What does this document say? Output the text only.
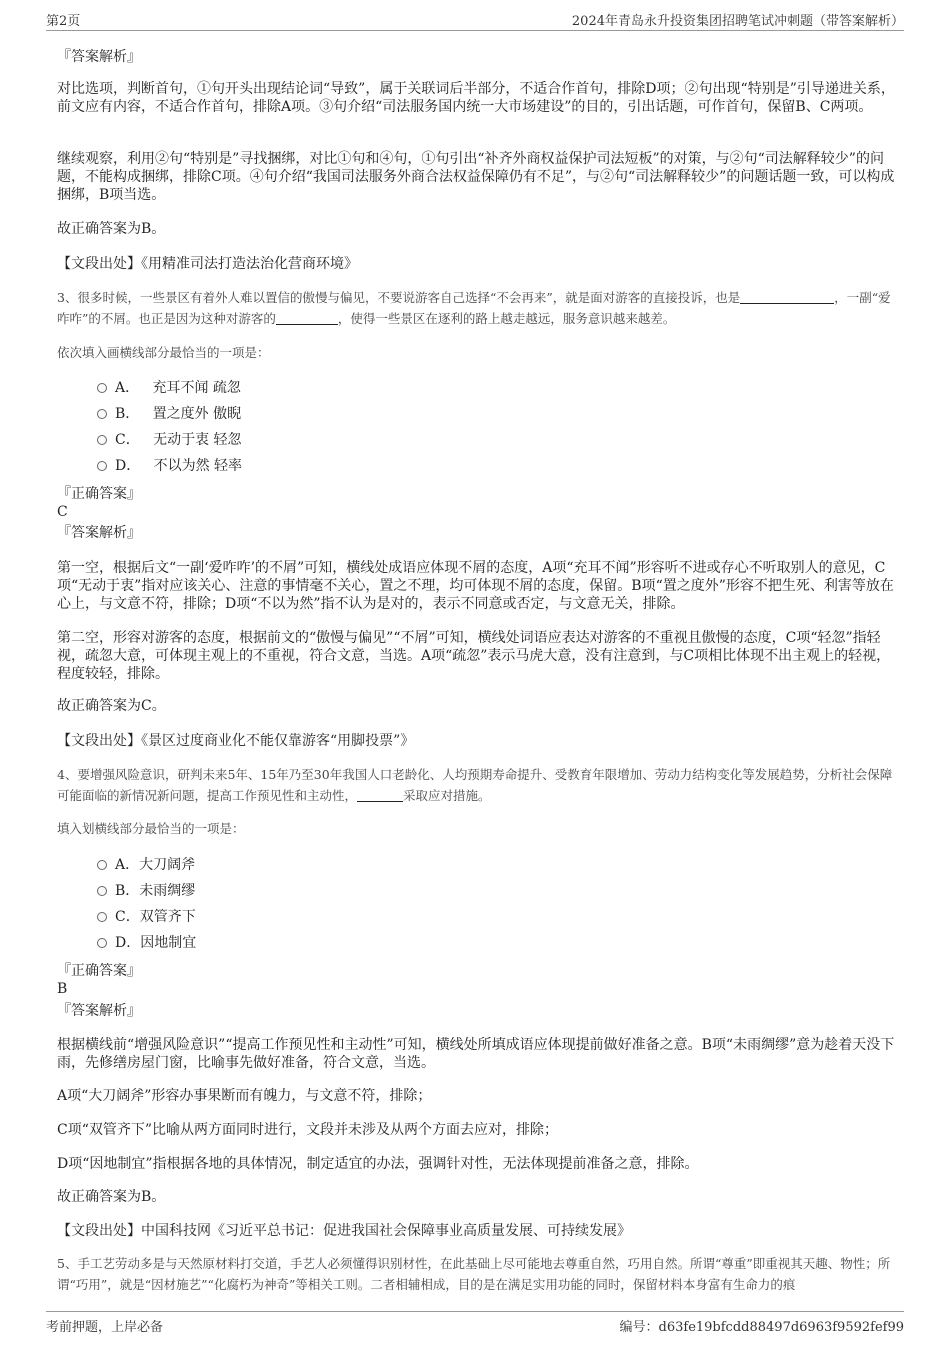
第2页	2024年青岛永升投资集团招聘笔试冲刺题（带答案解析）

『答案解析』

对比选项，判断首句，①句开头出现结论词“导致”，属于关联词后半部分，不适合作首句，排除D项；②句出现“特别是”引导递进关系，前文应有内容，不适合作首句，排除A项。③句介绍“司法服务国内统一大市场建设”的目的，引出话题，可作首句，保留B、C两项。

继续观察，利用②句“特别是”寻找捆绑，对比①句和④句，①句引出“补齐外商权益保护司法短板”的对策，与②句“司法解释较少”的问题，不能构成捆绑，排除C项。④句介绍“我国司法服务外商合法权益保障仍有不足”，与②句“司法解释较少”的问题话题一致，可以构成捆绑，B项当选。

故正确答案为B。

【文段出处】《用精准司法打造法治化营商环境》

3、很多时候，一些景区有着外人难以置信的傲慢与偏见，不要说游客自己选择“不会再来”，就是面对游客的直接投诉，也是	，一副“爱咋咋”的不屑。也正是因为这种对游客的	，使得一些景区在逐利的路上越走越远，服务意识越来越差。

依次填入画横线部分最恰当的一项是：

A． 充耳不闻 疏忽
B． 置之度外 傲睨
C． 无动于衷 轻忽
D． 不以为然 轻率

『正确答案』

C

『答案解析』

第一空，根据后文“一副‘爱咋咋’的不屑”可知，横线处成语应体现不屑的态度，A项“充耳不闻”形容听不进或存心不听取别人的意见，C项“无动于衷”指对应该关心、注意的事情毫不关心，置之不理，均可体现不屑的态度，保留。B项“置之度外”形容不把生死、利害等放在心上，与文意不符，排除；D项“不以为然”指不认为是对的，表示不同意或否定，与文意无关，排除。

第二空，形容对游客的态度，根据前文的“傲慢与偏见”“不屑”可知，横线处词语应表达对游客的不重视且傲慢的态度，C项“轻忽”指轻视，疏忽大意，可体现主观上的不重视，符合文意，当选。A项“疏忽”表示马虎大意，没有注意到，与C项相比体现不出主观上的轻视，程度较轻，排除。

故正确答案为C。

【文段出处】《景区过度商业化不能仅靠游客“用脚投票”》

4、要增强风险意识，研判未来5年、15年乃至30年我国人口老龄化、人均预期寿命提升、受教育年限增加、劳动力结构变化等发展趋势，分析社会保障可能面临的新情况新问题，提高工作预见性和主动性，	采取应对措施。

填入划横线部分最恰当的一项是：

A．大刀阔斧
B．未雨绸缪
C．双管齐下
D．因地制宜

『正确答案』

B

『答案解析』

根据横线前“增强风险意识”“提高工作预见性和主动性”可知，横线处所填成语应体现提前做好准备之意。B项“未雨绸缪”意为趁着天没下雨，先修缮房屋门窗，比喻事先做好准备，符合文意，当选。

A项“大刀阔斧”形容办事果断而有魄力，与文意不符，排除；

C项“双管齐下”比喻从两方面同时进行，文段并未涉及从两个方面去应对，排除；

D项“因地制宜”指根据各地的具体情况，制定适宜的办法，强调针对性，无法体现提前准备之意，排除。

故正确答案为B。

【文段出处】中国科技网《习近平总书记：促进我国社会保障事业高质量发展、可持续发展》

5、手工艺劳动多是与天然原材料打交道，手艺人必须懂得识别材性，在此基础上尽可能地去尊重自然，巧用自然。所谓“尊重”即重视其天趣、物性；所谓“巧用”，就是“因材施艺”“化腐朽为神奇”等相关工则。二者相辅相成，目的是在满足实用功能的同时，保留材料本身富有生命力的痕

考前押题，上岸必备	编号：d63fe19bfcdd88497d6963f9592fef99
